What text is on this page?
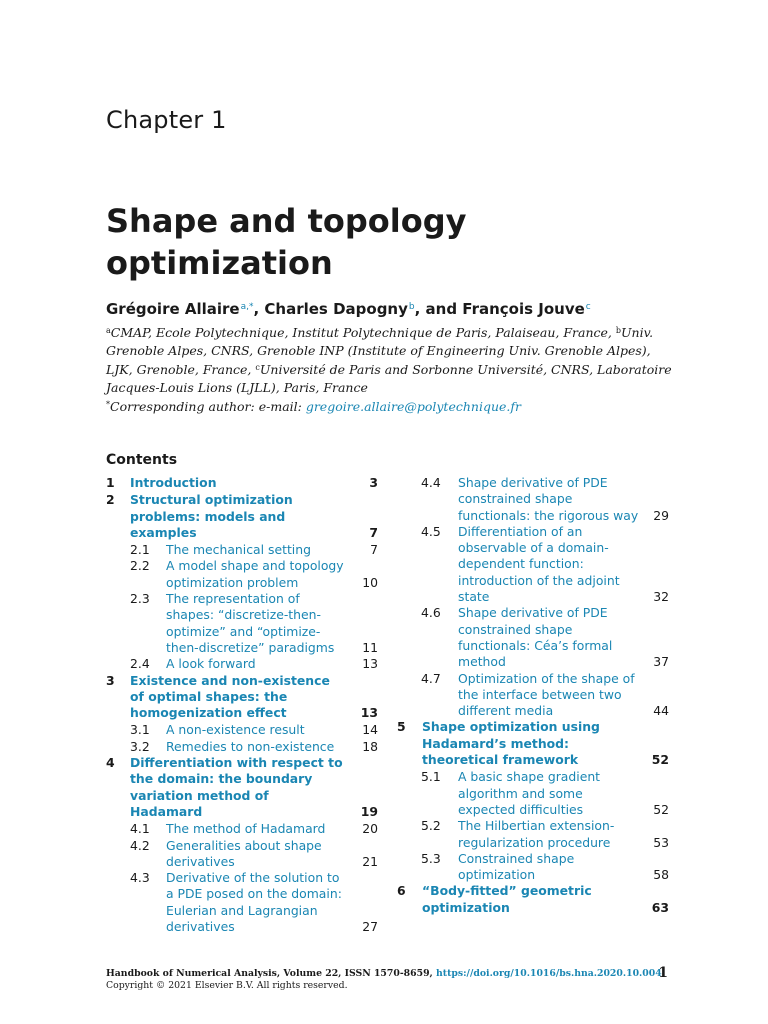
Chapter 1
Shape and topology optimization
Grégoire Allaire$^{a,*}$, Charles Dapogny$^b$, and François Jouve$^c$
$^a$CMAP, Ecole Polytechnique, Institut Polytechnique de Paris, Palaiseau, France, $^b$Univ. Grenoble Alpes, CNRS, Grenoble INP (Institute of Engineering Univ. Grenoble Alpes), LJK, Grenoble, France, $^c$Université de Paris and Sorbonne Université, CNRS, Laboratoire Jacques-Louis Lions (LJLL), Paris, France
*Corresponding author: e-mail: gregoire.allaire@polytechnique.fr
Contents
1 Introduction	3
2 Structural optimization problems: models and examples	7
2.1 The mechanical setting	7
2.2 A model shape and topology optimization problem	10
2.3 The representation of shapes: “discretize-then-optimize” and “optimize-then-discretize” paradigms	11
2.4 A look forward	13
3 Existence and non-existence of optimal shapes: the homogenization effect	13
3.1 A non-existence result	14
3.2 Remedies to non-existence	18
4 Differentiation with respect to the domain: the boundary variation method of Hadamard	19
4.1 The method of Hadamard	20
4.2 Generalities about shape derivatives	21
4.3 Derivative of the solution to a PDE posed on the domain: Eulerian and Lagrangian derivatives	27
4.4 Shape derivative of PDE constrained shape functionals: the rigorous way 29
4.5 Differentiation of an observable of a domain-dependent function: introduction of the adjoint state	32
4.6 Shape derivative of PDE constrained shape functionals: Céa’s formal method	37
4.7 Optimization of the shape of the interface between two different media	44
5 Shape optimization using Hadamard’s method: theoretical framework	52
5.1 A basic shape gradient algorithm and some expected difficulties	52
5.2 The Hilbertian extension-regularization procedure	53
5.3 Constrained shape optimization	58
6 “Body-fitted” geometric optimization	63
Handbook of Numerical Analysis, Volume 22, ISSN 1570-8659, https://doi.org/10.1016/bs.hna.2020.10.004
Copyright © 2021 Elsevier B.V. All rights reserved.
1
